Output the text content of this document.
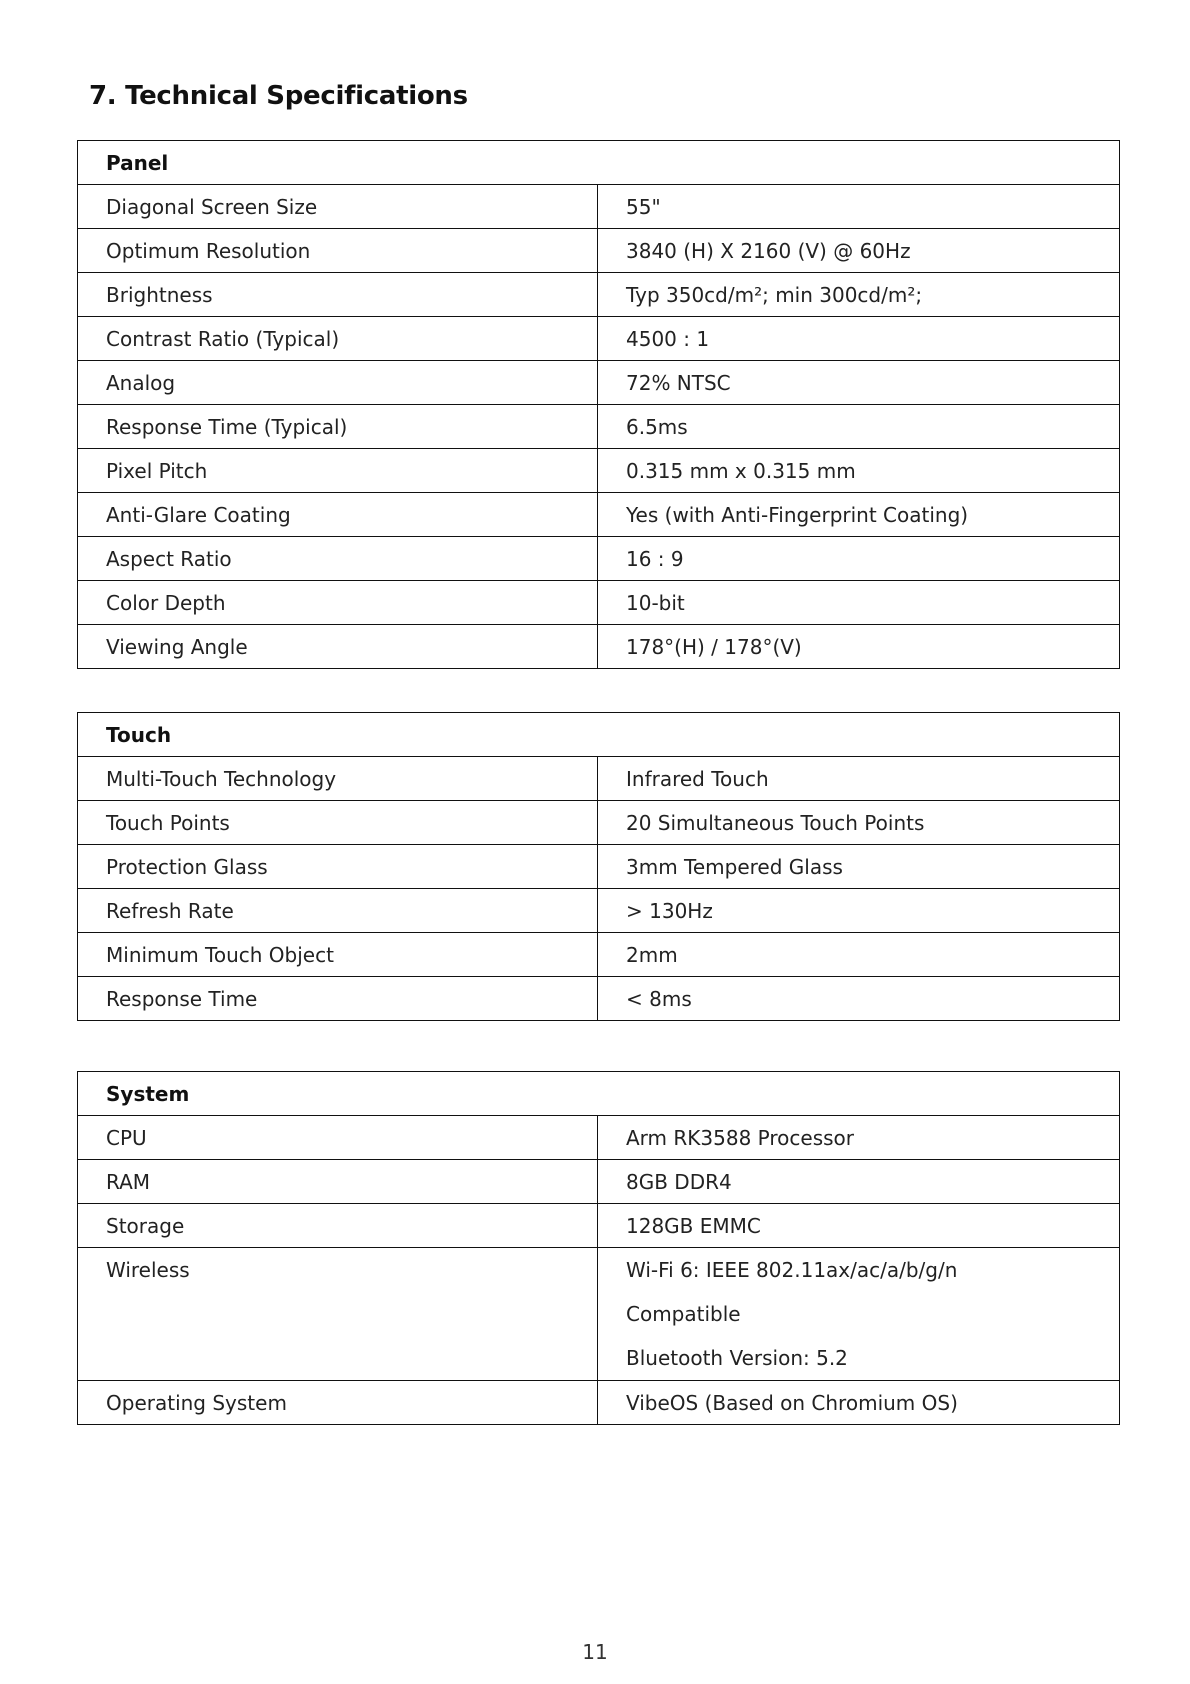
7. Technical Specifications
Panel	
Diagonal Screen Size	55"
Optimum Resolution	3840 (H) X 2160 (V) @ 60Hz
Brightness	Typ 350cd/m²; min 300cd/m²;
Contrast Ratio (Typical)	4500 : 1
Analog	72% NTSC
Response Time (Typical)	6.5ms
Pixel Pitch	0.315 mm x 0.315 mm
Anti-Glare Coating	Yes (with Anti-Fingerprint Coating)
Aspect Ratio	16 : 9
Color Depth	10-bit
Viewing Angle	178°(H) / 178°(V)
Touch	
Multi-Touch Technology	Infrared Touch
Touch Points	20 Simultaneous Touch Points
Protection Glass	3mm Tempered Glass
Refresh Rate	> 130Hz
Minimum Touch Object	2mm
Response Time	< 8ms
System	
CPU	Arm RK3588 Processor
RAM	8GB DDR4
Storage	128GB EMMC

Wireless	Wi-Fi 6: IEEE 802.11ax/ac/a/b/g/n
Compatible
Bluetooth Version: 5.2

Operating System	VibeOS (Based on Chromium OS)
11
